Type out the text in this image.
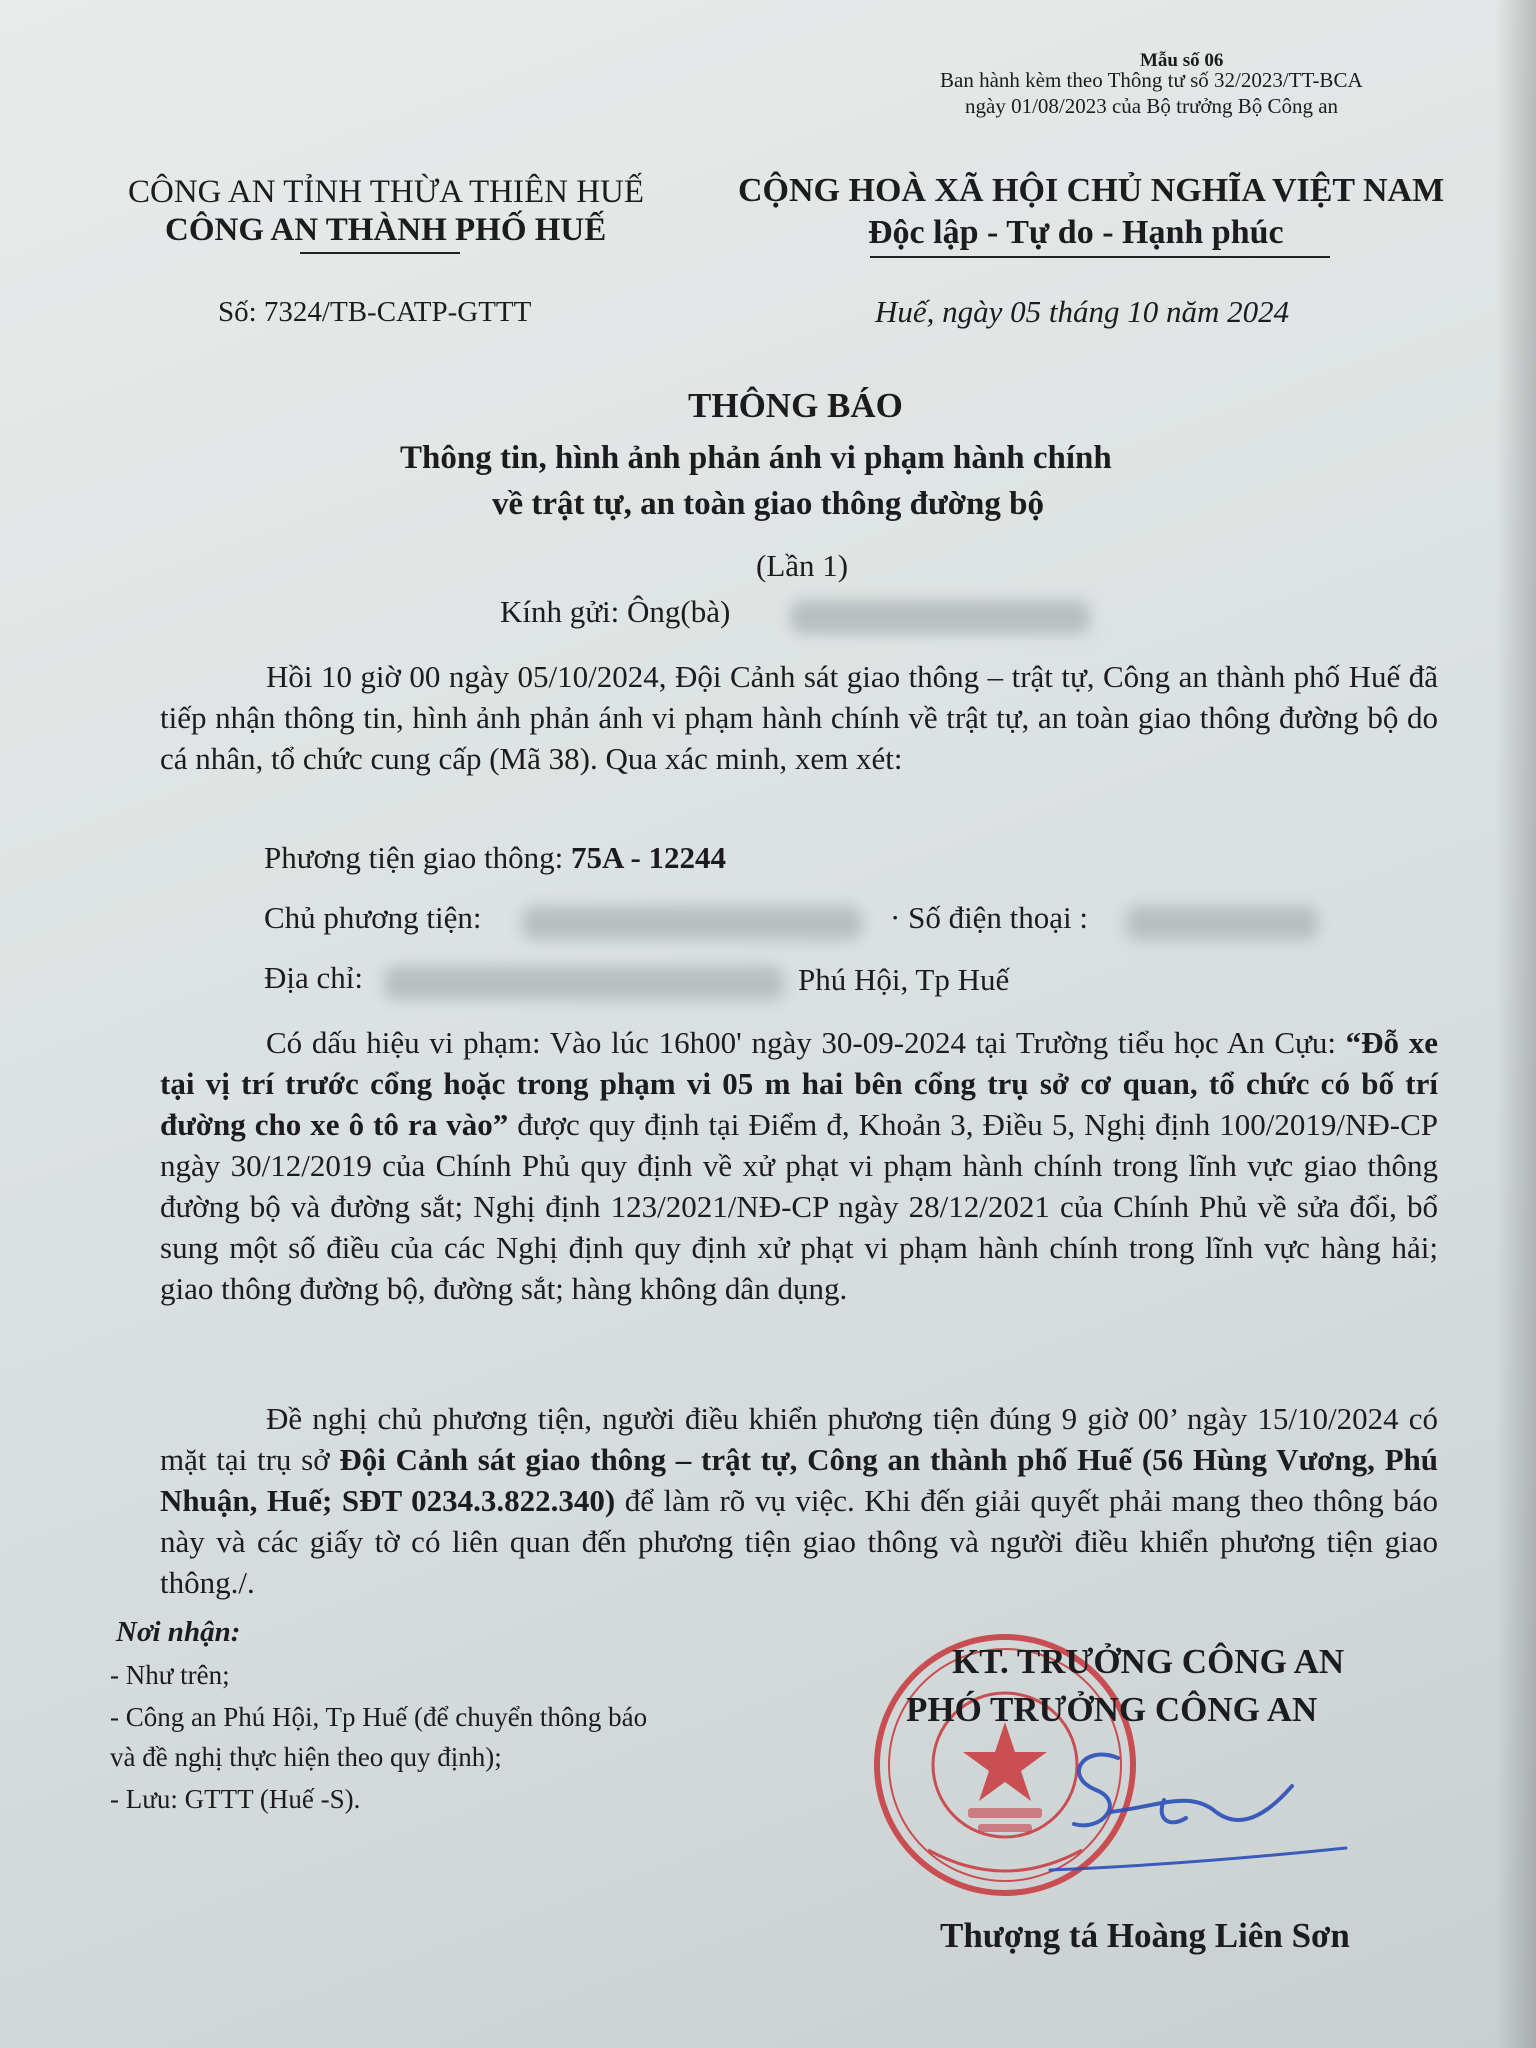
Mẫu số 06
Ban hành kèm theo Thông tư số 32/2023/TT-BCA
ngày 01/08/2023 của Bộ trưởng Bộ Công an
CÔNG AN TỈNH THỪA THIÊN HUẾ
CÔNG AN THÀNH PHỐ HUẾ
CỘNG HOÀ XÃ HỘI CHỦ NGHĨA VIỆT NAM
Độc lập - Tự do - Hạnh phúc
Số: 7324/TB-CATP-GTTT	Huế, ngày 05 tháng 10 năm 2024
THÔNG BÁO
Thông tin, hình ảnh phản ánh vi phạm hành chính
về trật tự, an toàn giao thông đường bộ
(Lần 1)
Kính gửi: Ông(bà)
Hồi 10 giờ 00 ngày 05/10/2024, Đội Cảnh sát giao thông – trật tự, Công an thành phố Huế đã tiếp nhận thông tin, hình ảnh phản ánh vi phạm hành chính về trật tự, an toàn giao thông đường bộ do cá nhân, tổ chức cung cấp (Mã 38). Qua xác minh, xem xét:
Phương tiện giao thông: 75A - 12244
Chủ phương tiện:	· Số điện thoại :
Địa chỉ:	Phú Hội, Tp Huế
Có dấu hiệu vi phạm: Vào lúc 16h00' ngày 30-09-2024 tại Trường tiểu học An Cựu: “Đỗ xe tại vị trí trước cổng hoặc trong phạm vi 05 m hai bên cổng trụ sở cơ quan, tổ chức có bố trí đường cho xe ô tô ra vào” được quy định tại Điểm đ, Khoản 3, Điều 5, Nghị định 100/2019/NĐ-CP ngày 30/12/2019 của Chính Phủ quy định về xử phạt vi phạm hành chính trong lĩnh vực giao thông đường bộ và đường sắt; Nghị định 123/2021/NĐ-CP ngày 28/12/2021 của Chính Phủ về sửa đổi, bổ sung một số điều của các Nghị định quy định xử phạt vi phạm hành chính trong lĩnh vực hàng hải; giao thông đường bộ, đường sắt; hàng không dân dụng.
Đề nghị chủ phương tiện, người điều khiển phương tiện đúng 9 giờ 00’ ngày 15/10/2024 có mặt tại trụ sở Đội Cảnh sát giao thông – trật tự, Công an thành phố Huế (56 Hùng Vương, Phú Nhuận, Huế; SĐT 0234.3.822.340) để làm rõ vụ việc. Khi đến giải quyết phải mang theo thông báo này và các giấy tờ có liên quan đến phương tiện giao thông và người điều khiển phương tiện giao thông./.
Nơi nhận:
- Như trên;
- Công an Phú Hội, Tp Huế (để chuyển thông báo
và đề nghị thực hiện theo quy định);
- Lưu: GTTT (Huế -S).
KT. TRƯỞNG CÔNG AN
PHÓ TRƯỞNG CÔNG AN
Thượng tá Hoàng Liên Sơn
